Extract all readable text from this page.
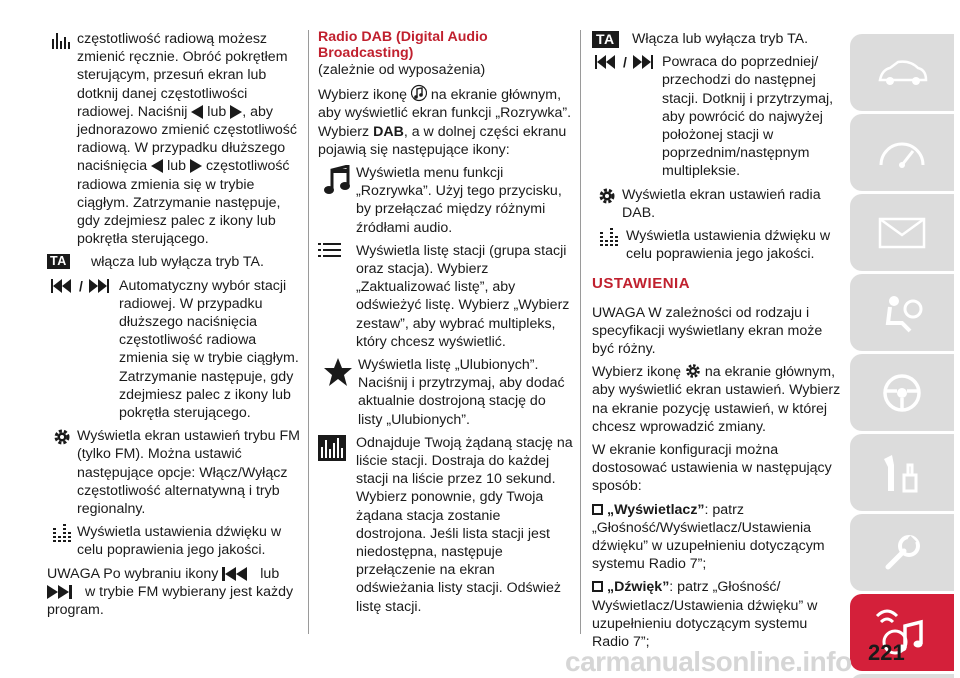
częstotliwość radiową możesz zmienić ręcznie. Obróć pokrętłem sterującym, przesuń ekran lub dotknij danej częstotliwości radiowej. Naciśnij lub , aby jednorazowo zmienić częstotliwość radiową. W przypadku dłuższego naciśnięcia lub częstotliwość radiowa zmienia się w trybie ciągłym. Zatrzymanie następuje, gdy zdejmiesz palec z ikony lub pokrętła sterującego.
TA włącza lub wyłącza tryb TA.
/	Automatyczny wybór stacji radiowej. W przypadku dłuższego naciśnięcia częstotliwość radiowa zmienia się w trybie ciągłym. Zatrzymanie następuje, gdy zdejmiesz palec z ikony lub pokrętła sterującego.
Wyświetla ekran ustawień trybu FM (tylko FM). Można ustawić następujące opcje: Włącz/Wyłącz częstotliwość alternatywną i tryb regionalny.
Wyświetla ustawienia dźwięku w celu poprawienia jego jakości.

UWAGA Po wybraniu ikony	lub  w trybie FM wybierany jest każdy program.

Radio DAB (Digital Audio Broadcasting)

(zależnie od wyposażenia)

Wybierz ikonę na ekranie głównym, aby wyświetlić ekran funkcji „Rozrywka”. Wybierz DAB, a w dolnej części ekranu pojawią się następujące ikony:

Wyświetla menu funkcji „Rozrywka”. Użyj tego przycisku, by przełączać między różnymi źródłami audio.
Wyświetla listę stacji (grupa stacji oraz stacja). Wybierz „Zaktualizować listę”, aby odświeżyć listę. Wybierz „Wybierz zestaw”, aby wybrać multipleks, który chcesz wyświetlić.
Wyświetla listę „Ulubionych”. Naciśnij i przytrzymaj, aby dodać aktualnie dostrojoną stację do listy „Ulubionych”.
Odnajduje Twoją żądaną stację na liście stacji. Dostraja do każdej stacji na liście przez 10 sekund. Wybierz ponownie, gdy Twoja żądana stacja zostanie dostrojona. Jeśli lista stacji jest niedostępna, następuje przełączenie na ekran odświeżania listy stacji. Odśwież listę stacji.
TA Włącza lub wyłącza tryb TA.
/ Powraca do poprzedniej/ przechodzi do następnej stacji. Dotknij i przytrzymaj, aby powrócić do najwyżej położonej stacji w poprzednim/następnym multipleksie.
Wyświetla ekran ustawień radia DAB.
Wyświetla ustawienia dźwięku w celu poprawienia jego jakości.
USTAWIENIA

UWAGA W zależności od rodzaju i specyfikacji wyświetlany ekran może być różny.

Wybierz ikonę na ekranie głównym, aby wyświetlić ekran ustawień. Wybierz na ekranie pozycję ustawień, w której chcesz wprowadzić zmiany.

W ekranie konfiguracji można dostosować ustawienia w następujący sposób:

„Wyświetlacz”: patrz „Głośność/Wyświetlacz/Ustawienia dźwięku” w uzupełnieniu dotyczącym systemu Radio 7”;

„Dźwięk”: patrz „Głośność/ Wyświetlacz/Ustawienia dźwięku” w uzupełnieniu dotyczącym systemu Radio 7”;

carmanualsonline.info 221
